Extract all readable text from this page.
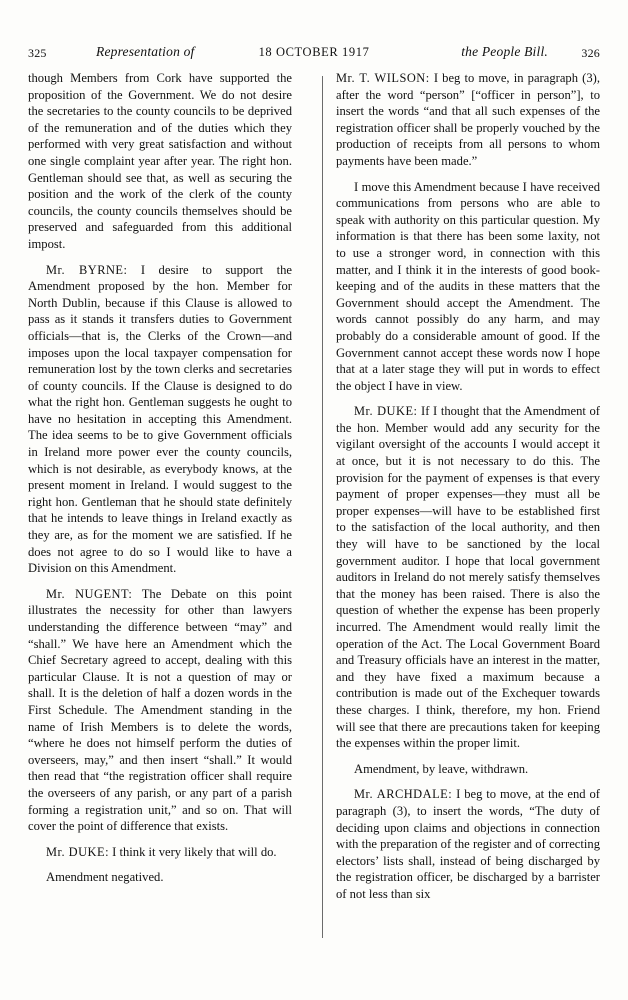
325	Representation of	18 OCTOBER 1917	the People Bill.	326

though Members from Cork have supported the proposition of the Government. We do not desire the secretaries to the county councils to be deprived of the remuneration and of the duties which they performed with very great satisfaction and without one single complaint year after year. The right hon. Gentleman should see that, as well as securing the position and the work of the clerk of the county councils, the county councils themselves should be preserved and safeguarded from this additional impost.

Mr. BYRNE: I desire to support the Amendment proposed by the hon. Member for North Dublin, because if this Clause is allowed to pass as it stands it transfers duties to Government officials—that is, the Clerks of the Crown—and imposes upon the local taxpayer compensation for remuneration lost by the town clerks and secretaries of county councils. If the Clause is designed to do what the right hon. Gentleman suggests he ought to have no hesitation in accepting this Amendment. The idea seems to be to give Government officials in Ireland more power ever the county councils, which is not desirable, as everybody knows, at the present moment in Ireland. I would suggest to the right hon. Gentleman that he should state definitely that he intends to leave things in Ireland exactly as they are, as for the moment we are satisfied. If he does not agree to do so I would like to have a Division on this Amendment.

Mr. NUGENT: The Debate on this point illustrates the necessity for other than lawyers understanding the difference between “may” and “shall.” We have here an Amendment which the Chief Secretary agreed to accept, dealing with this particular Clause. It is not a question of may or shall. It is the deletion of half a dozen words in the First Schedule. The Amendment standing in the name of Irish Members is to delete the words, “where he does not himself perform the duties of overseers, may,” and then insert “shall.” It would then read that “the registration officer shall require the overseers of any parish, or any part of a parish forming a registration unit,” and so on. That will cover the point of difference that exists.

Mr. DUKE: I think it very likely that will do.

Amendment negatived.

Mr. T. WILSON: I beg to move, in paragraph (3), after the word “person” [“officer in person”], to insert the words “and that all such expenses of the registration officer shall be properly vouched by the production of receipts from all persons to whom payments have been made.”

I move this Amendment because I have received communications from persons who are able to speak with authority on this particular question. My information is that there has been some laxity, not to use a stronger word, in connection with this matter, and I think it in the interests of good book-keeping and of the audits in these matters that the Government should accept the Amendment. The words cannot possibly do any harm, and may probably do a considerable amount of good. If the Government cannot accept these words now I hope that at a later stage they will put in words to effect the object I have in view.

Mr. DUKE: If I thought that the Amendment of the hon. Member would add any security for the vigilant oversight of the accounts I would accept it at once, but it is not necessary to do this. The provision for the payment of expenses is that every payment of proper expenses—they must all be proper expenses—will have to be established first to the satisfaction of the local authority, and then they will have to be sanctioned by the local government auditor. I hope that local government auditors in Ireland do not merely satisfy themselves that the money has been raised. There is also the question of whether the expense has been properly incurred. The Amendment would really limit the operation of the Act. The Local Government Board and Treasury officials have an interest in the matter, and they have fixed a maximum because a contribution is made out of the Exchequer towards these charges. I think, therefore, my hon. Friend will see that there are precautions taken for keeping the expenses within the proper limit.

Amendment, by leave, withdrawn.

Mr. ARCHDALE: I beg to move, at the end of paragraph (3), to insert the words, “The duty of deciding upon claims and objections in connection with the preparation of the register and of correcting electors’ lists shall, instead of being discharged by the registration officer, be discharged by a barrister of not less than six
